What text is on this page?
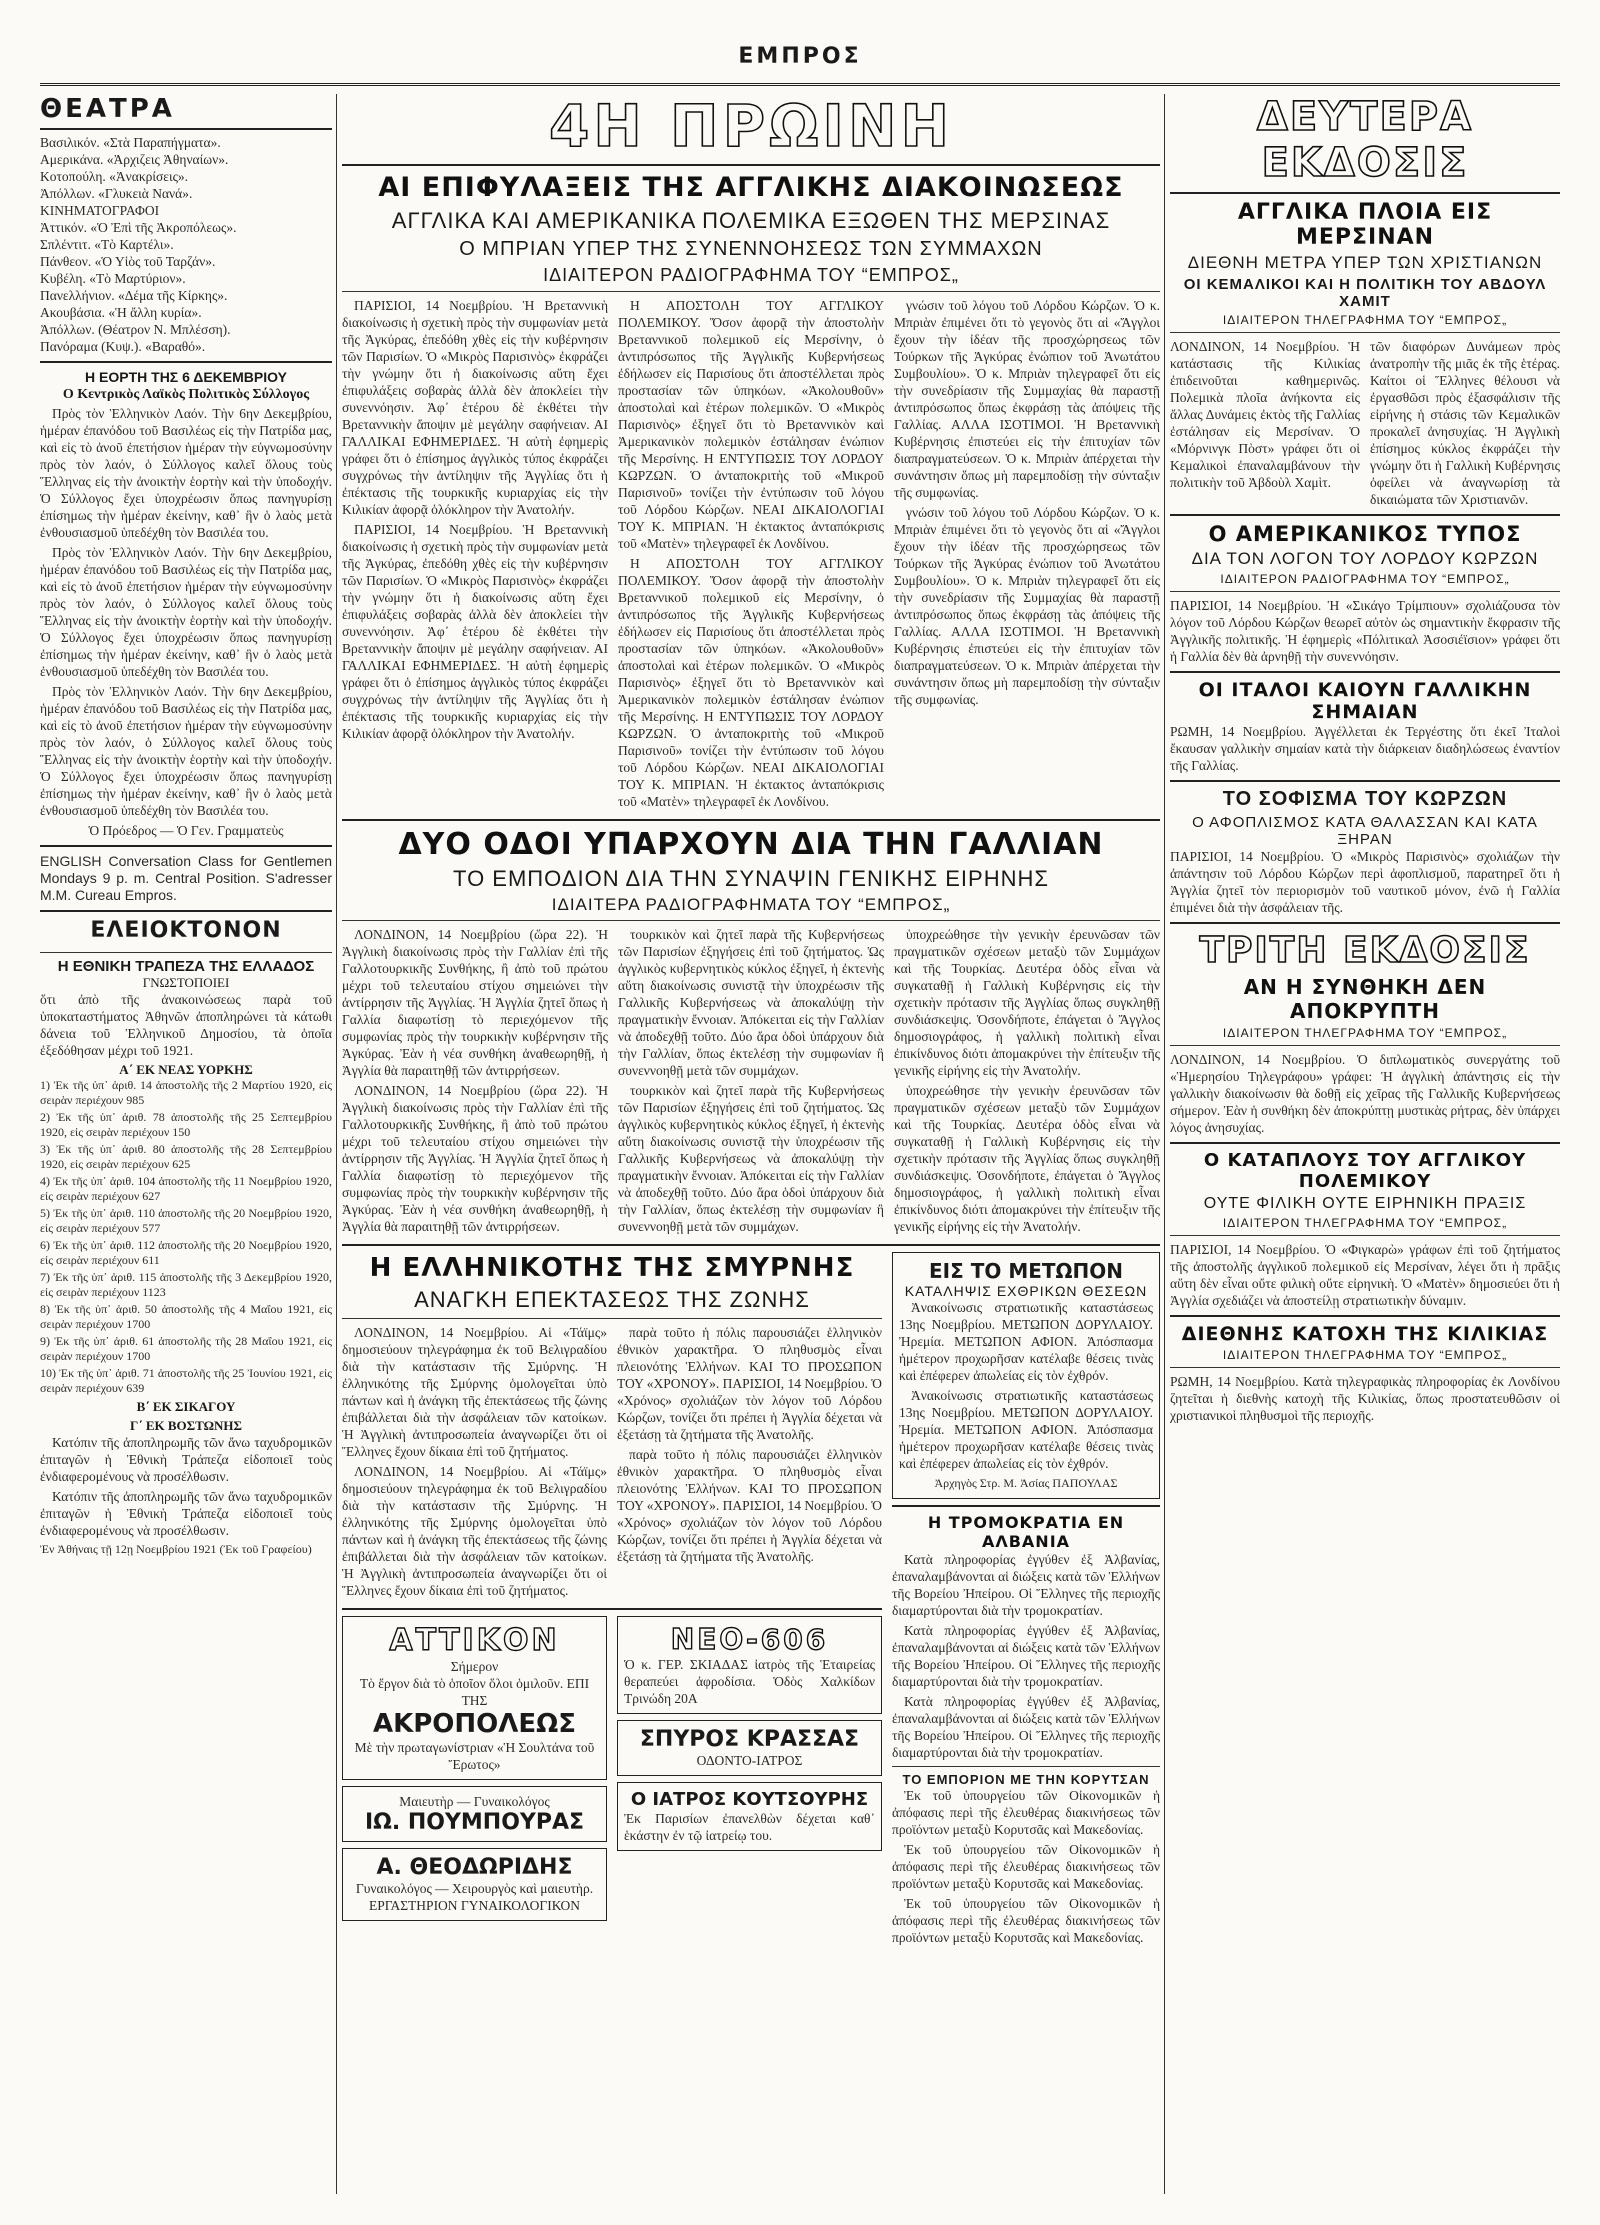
ΕΜΠΡΟΣ
ΘΕΑΤΡΑ
Βασιλικόν. «Στὰ Παραπήγματα».
Αμερικάνα. «Ἀρχιζεις Ἀθηναίων».
Κοτοπούλη. «Ἀνακρίσεις».
Ἀπόλλων. «Γλυκειὰ Νανά».
ΚΙΝΗΜΑΤΟΓΡΑΦΟΙ
Ἀττικόν. «Ὁ Ἐπὶ τῆς Ἀκροπόλεως».
Σπλέντιτ. «Τὸ Καρτέλι».
Πάνθεον. «Ὁ Υἱὸς τοῦ Ταρζάν».
Κυβέλη. «Τὸ Μαρτύριον».
Πανελλήνιον. «Δέμα τῆς Κίρκης».
Ακουβάσια. «Ἡ ἄλλη κυρία».
Ἀπόλλων. (Θέατρον Ν. Μπλέσση).
Πανόραμα (Κυψ.). «Βαραθό».
Η ΕΟΡΤΗ ΤΗΣ 6 ΔΕΚΕΜΒΡΙΟΥ
Ο Κεντρικὸς Λαϊκὸς Πολιτικὸς Σύλλογος

Πρὸς τὸν Ἑλληνικὸν Λαόν. Τὴν 6ην Δεκεμβρίου, ἡμέραν ἐπανόδου τοῦ Βασιλέως εἰς τὴν Πατρίδα μας, καὶ εἰς τὸ ἀνοῦ ἐπετήσιον ἡμέραν τὴν εὐγνωμοσύνην πρὸς τὸν λαόν, ὁ Σύλλογος καλεῖ ὅλους τοὺς Ἕλληνας εἰς τὴν ἀνοικτὴν ἑορτὴν καὶ τὴν ὑποδοχήν. Ὁ Σύλλογος ἔχει ὑποχρέωσιν ὅπως πανηγυρίσῃ ἐπίσημως τὴν ἡμέραν ἐκείνην, καθ᾽ ἣν ὁ λαὸς μετὰ ἐνθουσιασμοῦ ὑπεδέχθη τὸν Βασιλέα του.

Πρὸς τὸν Ἑλληνικὸν Λαόν. Τὴν 6ην Δεκεμβρίου, ἡμέραν ἐπανόδου τοῦ Βασιλέως εἰς τὴν Πατρίδα μας, καὶ εἰς τὸ ἀνοῦ ἐπετήσιον ἡμέραν τὴν εὐγνωμοσύνην πρὸς τὸν λαόν, ὁ Σύλλογος καλεῖ ὅλους τοὺς Ἕλληνας εἰς τὴν ἀνοικτὴν ἑορτὴν καὶ τὴν ὑποδοχήν. Ὁ Σύλλογος ἔχει ὑποχρέωσιν ὅπως πανηγυρίσῃ ἐπίσημως τὴν ἡμέραν ἐκείνην, καθ᾽ ἣν ὁ λαὸς μετὰ ἐνθουσιασμοῦ ὑπεδέχθη τὸν Βασιλέα του.

Πρὸς τὸν Ἑλληνικὸν Λαόν. Τὴν 6ην Δεκεμβρίου, ἡμέραν ἐπανόδου τοῦ Βασιλέως εἰς τὴν Πατρίδα μας, καὶ εἰς τὸ ἀνοῦ ἐπετήσιον ἡμέραν τὴν εὐγνωμοσύνην πρὸς τὸν λαόν, ὁ Σύλλογος καλεῖ ὅλους τοὺς Ἕλληνας εἰς τὴν ἀνοικτὴν ἑορτὴν καὶ τὴν ὑποδοχήν. Ὁ Σύλλογος ἔχει ὑποχρέωσιν ὅπως πανηγυρίσῃ ἐπίσημως τὴν ἡμέραν ἐκείνην, καθ᾽ ἣν ὁ λαὸς μετὰ ἐνθουσιασμοῦ ὑπεδέχθη τὸν Βασιλέα του.

Ὁ Πρόεδρος — Ὁ Γεν. Γραμματεὺς
ENGLISH Conversation Class for Gentlemen Mondays 9 p. m. Central Position. S'adresser M.M. Cureau Empros.
ΕΛΕΙΟΚΤΟΝΟΝ
Η ΕΘΝΙΚΗ ΤΡΑΠΕΖΑ ΤΗΣ ΕΛΛΑΔΟΣ
ΓΝΩΣΤΟΠΟΙΕΙ
ὅτι ἀπὸ τῆς ἀνακοινώσεως παρὰ τοῦ ὑποκαταστήματος Ἀθηνῶν ἀποπληρώνει τὰ κάτωθι δάνεια τοῦ Ἑλληνικοῦ Δημοσίου, τὰ ὁποῖα ἐξεδόθησαν μέχρι τοῦ 1921.
Α΄ ΕΚ ΝΕΑΣ ΥΟΡΚΗΣ
1) Ἐκ τῆς ὑπ᾽ ἀριθ. 14 ἀποστολῆς τῆς 2 Μαρτίου 1920, εἰς σειρὰν περιέχουν 985
2) Ἐκ τῆς ὑπ᾽ ἀριθ. 78 ἀποστολῆς τῆς 25 Σεπτεμβρίου 1920, εἰς σειρὰν περιέχουν 150
3) Ἐκ τῆς ὑπ᾽ ἀριθ. 80 ἀποστολῆς τῆς 28 Σεπτεμβρίου 1920, εἰς σειρὰν περιέχουν 625
4) Ἐκ τῆς ὑπ᾽ ἀριθ. 104 ἀποστολῆς τῆς 11 Νοεμβρίου 1920, εἰς σειρὰν περιέχουν 627
5) Ἐκ τῆς ὑπ᾽ ἀριθ. 110 ἀποστολῆς τῆς 20 Νοεμβρίου 1920, εἰς σειρὰν περιέχουν 577
6) Ἐκ τῆς ὑπ᾽ ἀριθ. 112 ἀποστολῆς τῆς 20 Νοεμβρίου 1920, εἰς σειρὰν περιέχουν 611
7) Ἐκ τῆς ὑπ᾽ ἀριθ. 115 ἀποστολῆς τῆς 3 Δεκεμβρίου 1920, εἰς σειρὰν περιέχουν 1123
8) Ἐκ τῆς ὑπ᾽ ἀριθ. 50 ἀποστολῆς τῆς 4 Μαΐου 1921, εἰς σειρὰν περιέχουν 1700
9) Ἐκ τῆς ὑπ᾽ ἀριθ. 61 ἀποστολῆς τῆς 28 Μαΐου 1921, εἰς σειρὰν περιέχουν 1700
10) Ἐκ τῆς ὑπ᾽ ἀριθ. 71 ἀποστολῆς τῆς 25 Ἰουνίου 1921, εἰς σειρὰν περιέχουν 639
Β΄ ΕΚ ΣΙΚΑΓΟΥ
Γ΄ ΕΚ ΒΟΣΤΩΝΗΣ

Κατόπιν τῆς ἀποπληρωμῆς τῶν ἄνω ταχυδρομικῶν ἐπιταγῶν ἡ Ἐθνικὴ Τράπεζα εἰδοποιεῖ τοὺς ἐνδιαφερομένους νὰ προσέλθωσιν.

Κατόπιν τῆς ἀποπληρωμῆς τῶν ἄνω ταχυδρομικῶν ἐπιταγῶν ἡ Ἐθνικὴ Τράπεζα εἰδοποιεῖ τοὺς ἐνδιαφερομένους νὰ προσέλθωσιν.

Ἐν Ἀθήναις τῇ 12ῃ Νοεμβρίου 1921 (Ἐκ τοῦ Γραφείου)
4Η ΠΡΩΙΝΗ
ΑΙ ΕΠΙΦΥΛΑΞΕΙΣ ΤΗΣ ΑΓΓΛΙΚΗΣ ΔΙΑΚΟΙΝΩΣΕΩΣ
ΑΓΓΛΙΚΑ ΚΑΙ ΑΜΕΡΙΚΑΝΙΚΑ ΠΟΛΕΜΙΚΑ ΕΞΩΘΕΝ ΤΗΣ ΜΕΡΣΙΝΑΣ
Ο ΜΠΡΙΑΝ ΥΠΕΡ ΤΗΣ ΣΥΝΕΝΝΟΗΣΕΩΣ ΤΩΝ ΣΥΜΜΑΧΩΝ
ΙΔΙΑΙΤΕΡΟΝ ΡΑΔΙΟΓΡΑΦΗΜΑ ΤΟΥ “ΕΜΠΡΟΣ„

ΠΑΡΙΣΙΟΙ, 14 Νοεμβρίου. Ἡ Βρεταννικὴ διακοίνωσις ἡ σχετικὴ πρὸς τὴν συμφωνίαν μετὰ τῆς Ἀγκύρας, ἐπεδόθη χθὲς εἰς τὴν κυβέρνησιν τῶν Παρισίων. Ὁ «Μικρὸς Παρισινὸς» ἐκφράζει τὴν γνώμην ὅτι ἡ διακοίνωσις αὕτη ἔχει ἐπιφυλάξεις σοβαρὰς ἀλλὰ δὲν ἀποκλείει τὴν συνεννόησιν. Ἀφ᾽ ἑτέρου δὲ ἐκθέτει τὴν Βρεταννικὴν ἄποψιν μὲ μεγάλην σαφήνειαν. ΑΙ ΓΑΛΛΙΚΑΙ ΕΦΗΜΕΡΙΔΕΣ. Ἡ αὐτὴ ἐφημερὶς γράφει ὅτι ὁ ἐπίσημος ἀγγλικὸς τύπος ἐκφράζει συγχρόνως τὴν ἀντίληψιν τῆς Ἀγγλίας ὅτι ἡ ἐπέκτασις τῆς τουρκικῆς κυριαρχίας εἰς τὴν Κιλικίαν ἀφορᾷ ὁλόκληρον τὴν Ἀνατολήν.

ΠΑΡΙΣΙΟΙ, 14 Νοεμβρίου. Ἡ Βρεταννικὴ διακοίνωσις ἡ σχετικὴ πρὸς τὴν συμφωνίαν μετὰ τῆς Ἀγκύρας, ἐπεδόθη χθὲς εἰς τὴν κυβέρνησιν τῶν Παρισίων. Ὁ «Μικρὸς Παρισινὸς» ἐκφράζει τὴν γνώμην ὅτι ἡ διακοίνωσις αὕτη ἔχει ἐπιφυλάξεις σοβαρὰς ἀλλὰ δὲν ἀποκλείει τὴν συνεννόησιν. Ἀφ᾽ ἑτέρου δὲ ἐκθέτει τὴν Βρεταννικὴν ἄποψιν μὲ μεγάλην σαφήνειαν. ΑΙ ΓΑΛΛΙΚΑΙ ΕΦΗΜΕΡΙΔΕΣ. Ἡ αὐτὴ ἐφημερὶς γράφει ὅτι ὁ ἐπίσημος ἀγγλικὸς τύπος ἐκφράζει συγχρόνως τὴν ἀντίληψιν τῆς Ἀγγλίας ὅτι ἡ ἐπέκτασις τῆς τουρκικῆς κυριαρχίας εἰς τὴν Κιλικίαν ἀφορᾷ ὁλόκληρον τὴν Ἀνατολήν.

Η ΑΠΟΣΤΟΛΗ ΤΟΥ ΑΓΓΛΙΚΟΥ ΠΟΛΕΜΙΚΟΥ. Ὅσον ἀφορᾷ τὴν ἀποστολὴν Βρεταννικοῦ πολεμικοῦ εἰς Μερσίνην, ὁ ἀντιπρόσωπος τῆς Ἀγγλικῆς Κυβερνήσεως ἐδήλωσεν εἰς Παρισίους ὅτι ἀποστέλλεται πρὸς προστασίαν τῶν ὑπηκόων. «Ἀκολουθοῦν» ἀποστολαὶ καὶ ἑτέρων πολεμικῶν. Ὁ «Μικρὸς Παρισινὸς» ἐξηγεῖ ὅτι τὸ Βρεταννικὸν καὶ Ἀμερικανικὸν πολεμικὸν ἐστάλησαν ἐνώπιον τῆς Μερσίνης. Η ΕΝΤΥΠΩΣΙΣ ΤΟΥ ΛΟΡΔΟΥ ΚΩΡΖΩΝ. Ὁ ἀνταποκριτὴς τοῦ «Μικροῦ Παρισινοῦ» τονίζει τὴν ἐντύπωσιν τοῦ λόγου τοῦ Λόρδου Κώρζων. ΝΕΑΙ ΔΙΚΑΙΟΛΟΓΙΑΙ ΤΟΥ Κ. ΜΠΡΙΑΝ. Ἡ ἐκτακτος ἀνταπόκρισις τοῦ «Ματὲν» τηλεγραφεῖ ἐκ Λονδίνου.

Η ΑΠΟΣΤΟΛΗ ΤΟΥ ΑΓΓΛΙΚΟΥ ΠΟΛΕΜΙΚΟΥ. Ὅσον ἀφορᾷ τὴν ἀποστολὴν Βρεταννικοῦ πολεμικοῦ εἰς Μερσίνην, ὁ ἀντιπρόσωπος τῆς Ἀγγλικῆς Κυβερνήσεως ἐδήλωσεν εἰς Παρισίους ὅτι ἀποστέλλεται πρὸς προστασίαν τῶν ὑπηκόων. «Ἀκολουθοῦν» ἀποστολαὶ καὶ ἑτέρων πολεμικῶν. Ὁ «Μικρὸς Παρισινὸς» ἐξηγεῖ ὅτι τὸ Βρεταννικὸν καὶ Ἀμερικανικὸν πολεμικὸν ἐστάλησαν ἐνώπιον τῆς Μερσίνης. Η ΕΝΤΥΠΩΣΙΣ ΤΟΥ ΛΟΡΔΟΥ ΚΩΡΖΩΝ. Ὁ ἀνταποκριτὴς τοῦ «Μικροῦ Παρισινοῦ» τονίζει τὴν ἐντύπωσιν τοῦ λόγου τοῦ Λόρδου Κώρζων. ΝΕΑΙ ΔΙΚΑΙΟΛΟΓΙΑΙ ΤΟΥ Κ. ΜΠΡΙΑΝ. Ἡ ἐκτακτος ἀνταπόκρισις τοῦ «Ματὲν» τηλεγραφεῖ ἐκ Λονδίνου.

γνώσιν τοῦ λόγου τοῦ Λόρδου Κώρζων. Ὁ κ. Μπριὰν ἐπιμένει ὅτι τὸ γεγονὸς ὅτι αἱ «Ἄγγλοι ἔχουν τὴν ἰδέαν τῆς προσχώρησεως τῶν Τούρκων τῆς Ἀγκύρας ἐνώπιον τοῦ Ἀνωτάτου Συμβουλίου». Ὁ κ. Μπριὰν τηλεγραφεῖ ὅτι εἰς τὴν συνεδρίασιν τῆς Συμμαχίας θὰ παραστῇ ἀντιπρόσωπος ὅπως ἐκφράσῃ τὰς ἀπόψεις τῆς Γαλλίας. ΑΛΛΑ ΙΣΟΤΙΜΟΙ. Ἡ Βρεταννικὴ Κυβέρνησις ἐπιστεύει εἰς τὴν ἐπιτυχίαν τῶν διαπραγματεύσεων. Ὁ κ. Μπριὰν ἀπέρχεται τὴν συνάντησιν ὅπως μὴ παρεμποδίσῃ τὴν σύνταξιν τῆς συμφωνίας.

γνώσιν τοῦ λόγου τοῦ Λόρδου Κώρζων. Ὁ κ. Μπριὰν ἐπιμένει ὅτι τὸ γεγονὸς ὅτι αἱ «Ἄγγλοι ἔχουν τὴν ἰδέαν τῆς προσχώρησεως τῶν Τούρκων τῆς Ἀγκύρας ἐνώπιον τοῦ Ἀνωτάτου Συμβουλίου». Ὁ κ. Μπριὰν τηλεγραφεῖ ὅτι εἰς τὴν συνεδρίασιν τῆς Συμμαχίας θὰ παραστῇ ἀντιπρόσωπος ὅπως ἐκφράσῃ τὰς ἀπόψεις τῆς Γαλλίας. ΑΛΛΑ ΙΣΟΤΙΜΟΙ. Ἡ Βρεταννικὴ Κυβέρνησις ἐπιστεύει εἰς τὴν ἐπιτυχίαν τῶν διαπραγματεύσεων. Ὁ κ. Μπριὰν ἀπέρχεται τὴν συνάντησιν ὅπως μὴ παρεμποδίσῃ τὴν σύνταξιν τῆς συμφωνίας.

ΔΥΟ ΟΔΟΙ ΥΠΑΡΧΟΥΝ ΔΙΑ ΤΗΝ ΓΑΛΛΙΑΝ
ΤΟ ΕΜΠΟΔΙΟΝ ΔΙΑ ΤΗΝ ΣΥΝΑΨΙΝ ΓΕΝΙΚΗΣ ΕΙΡΗΝΗΣ
ΙΔΙΑΙΤΕΡΑ ΡΑΔΙΟΓΡΑΦΗΜΑΤΑ ΤΟΥ “ΕΜΠΡΟΣ„

ΛΟΝΔΙΝΟΝ, 14 Νοεμβρίου (ὥρα 22). Ἡ Ἀγγλικὴ διακοίνωσις πρὸς τὴν Γαλλίαν ἐπὶ τῆς Γαλλοτουρκικῆς Συνθήκης, ἢ ἀπὸ τοῦ πρώτου μέχρι τοῦ τελευταίου στίχου σημειώνει τὴν ἀντίρρησιν τῆς Ἀγγλίας. Ἡ Ἀγγλία ζητεῖ ὅπως ἡ Γαλλία διαφωτίσῃ τὸ περιεχόμενον τῆς συμφωνίας πρὸς τὴν τουρκικὴν κυβέρνησιν τῆς Ἀγκύρας. Ἐὰν ἡ νέα συνθήκη ἀναθεωρηθῇ, ἡ Ἀγγλία θὰ παραιτηθῇ τῶν ἀντιρρήσεων.

ΛΟΝΔΙΝΟΝ, 14 Νοεμβρίου (ὥρα 22). Ἡ Ἀγγλικὴ διακοίνωσις πρὸς τὴν Γαλλίαν ἐπὶ τῆς Γαλλοτουρκικῆς Συνθήκης, ἢ ἀπὸ τοῦ πρώτου μέχρι τοῦ τελευταίου στίχου σημειώνει τὴν ἀντίρρησιν τῆς Ἀγγλίας. Ἡ Ἀγγλία ζητεῖ ὅπως ἡ Γαλλία διαφωτίσῃ τὸ περιεχόμενον τῆς συμφωνίας πρὸς τὴν τουρκικὴν κυβέρνησιν τῆς Ἀγκύρας. Ἐὰν ἡ νέα συνθήκη ἀναθεωρηθῇ, ἡ Ἀγγλία θὰ παραιτηθῇ τῶν ἀντιρρήσεων.

τουρκικὸν καὶ ζητεῖ παρὰ τῆς Κυβερνήσεως τῶν Παρισίων ἐξηγήσεις ἐπὶ τοῦ ζητήματος. Ὡς ἀγγλικὸς κυβερνητικὸς κύκλος ἐξηγεῖ, ἡ ἐκτενὴς αὕτη διακοίνωσις συνιστᾷ τὴν ὑποχρέωσιν τῆς Γαλλικῆς Κυβερνήσεως νὰ ἀποκαλύψῃ τὴν πραγματικὴν ἔννοιαν. Ἀπόκειται εἰς τὴν Γαλλίαν νὰ ἀποδεχθῇ τοῦτο. Δύο ἄρα ὁδοὶ ὑπάρχουν διὰ τὴν Γαλλίαν, ὅπως ἐκτελέσῃ τὴν συμφωνίαν ἢ συνεννοηθῇ μετὰ τῶν συμμάχων.

τουρκικὸν καὶ ζητεῖ παρὰ τῆς Κυβερνήσεως τῶν Παρισίων ἐξηγήσεις ἐπὶ τοῦ ζητήματος. Ὡς ἀγγλικὸς κυβερνητικὸς κύκλος ἐξηγεῖ, ἡ ἐκτενὴς αὕτη διακοίνωσις συνιστᾷ τὴν ὑποχρέωσιν τῆς Γαλλικῆς Κυβερνήσεως νὰ ἀποκαλύψῃ τὴν πραγματικὴν ἔννοιαν. Ἀπόκειται εἰς τὴν Γαλλίαν νὰ ἀποδεχθῇ τοῦτο. Δύο ἄρα ὁδοὶ ὑπάρχουν διὰ τὴν Γαλλίαν, ὅπως ἐκτελέσῃ τὴν συμφωνίαν ἢ συνεννοηθῇ μετὰ τῶν συμμάχων.

ὑποχρεώθησε τὴν γενικὴν ἐρευνῶσαν τῶν πραγματικῶν σχέσεων μεταξὺ τῶν Συμμάχων καὶ τῆς Τουρκίας. Δευτέρα ὁδὸς εἶναι νὰ συγκαταθῇ ἡ Γαλλικὴ Κυβέρνησις εἰς τὴν σχετικὴν πρότασιν τῆς Ἀγγλίας ὅπως συγκληθῇ συνδιάσκεψις. Ὁσονδήποτε, ἐπάγεται ὁ Ἄγγλος δημοσιογράφος, ἡ γαλλικὴ πολιτικὴ εἶναι ἐπικίνδυνος διότι ἀπομακρύνει τὴν ἐπίτευξιν τῆς γενικῆς εἰρήνης εἰς τὴν Ἀνατολήν.

ὑποχρεώθησε τὴν γενικὴν ἐρευνῶσαν τῶν πραγματικῶν σχέσεων μεταξὺ τῶν Συμμάχων καὶ τῆς Τουρκίας. Δευτέρα ὁδὸς εἶναι νὰ συγκαταθῇ ἡ Γαλλικὴ Κυβέρνησις εἰς τὴν σχετικὴν πρότασιν τῆς Ἀγγλίας ὅπως συγκληθῇ συνδιάσκεψις. Ὁσονδήποτε, ἐπάγεται ὁ Ἄγγλος δημοσιογράφος, ἡ γαλλικὴ πολιτικὴ εἶναι ἐπικίνδυνος διότι ἀπομακρύνει τὴν ἐπίτευξιν τῆς γενικῆς εἰρήνης εἰς τὴν Ἀνατολήν.

Η ΕΛΛΗΝΙΚΟΤΗΣ ΤΗΣ ΣΜΥΡΝΗΣ
ΑΝΑΓΚΗ ΕΠΕΚΤΑΣΕΩΣ ΤΗΣ ΖΩΝΗΣ

ΛΟΝΔΙΝΟΝ, 14 Νοεμβρίου. Αἱ «Τάϊμς» δημοσιεύουν τηλεγράφημα ἐκ τοῦ Βελιγραδίου διὰ τὴν κατάστασιν τῆς Σμύρνης. Ἡ ἐλληνικότης τῆς Σμύρνης ὁμολογεῖται ὑπὸ πάντων καὶ ἡ ἀνάγκη τῆς ἐπεκτάσεως τῆς ζώνης ἐπιβάλλεται διὰ τὴν ἀσφάλειαν τῶν κατοίκων. Ἡ Ἀγγλικὴ ἀντιπροσωπεία ἀναγνωρίζει ὅτι οἱ Ἕλληνες ἔχουν δίκαια ἐπὶ τοῦ ζητήματος.

ΛΟΝΔΙΝΟΝ, 14 Νοεμβρίου. Αἱ «Τάϊμς» δημοσιεύουν τηλεγράφημα ἐκ τοῦ Βελιγραδίου διὰ τὴν κατάστασιν τῆς Σμύρνης. Ἡ ἐλληνικότης τῆς Σμύρνης ὁμολογεῖται ὑπὸ πάντων καὶ ἡ ἀνάγκη τῆς ἐπεκτάσεως τῆς ζώνης ἐπιβάλλεται διὰ τὴν ἀσφάλειαν τῶν κατοίκων. Ἡ Ἀγγλικὴ ἀντιπροσωπεία ἀναγνωρίζει ὅτι οἱ Ἕλληνες ἔχουν δίκαια ἐπὶ τοῦ ζητήματος.

παρὰ τοῦτο ἡ πόλις παρουσιάζει ἑλληνικὸν ἐθνικὸν χαρακτῆρα. Ὁ πληθυσμὸς εἶναι πλειονότης Ἑλλήνων. ΚΑΙ ΤΟ ΠΡΟΣΩΠΟΝ ΤΟΥ «ΧΡΟΝΟΥ». ΠΑΡΙΣΙΟΙ, 14 Νοεμβρίου. Ὁ «Χρόνος» σχολιάζων τὸν λόγον τοῦ Λόρδου Κώρζων, τονίζει ὅτι πρέπει ἡ Ἀγγλία δέχεται νὰ ἐξετάσῃ τὰ ζητήματα τῆς Ἀνατολῆς.

παρὰ τοῦτο ἡ πόλις παρουσιάζει ἑλληνικὸν ἐθνικὸν χαρακτῆρα. Ὁ πληθυσμὸς εἶναι πλειονότης Ἑλλήνων. ΚΑΙ ΤΟ ΠΡΟΣΩΠΟΝ ΤΟΥ «ΧΡΟΝΟΥ». ΠΑΡΙΣΙΟΙ, 14 Νοεμβρίου. Ὁ «Χρόνος» σχολιάζων τὸν λόγον τοῦ Λόρδου Κώρζων, τονίζει ὅτι πρέπει ἡ Ἀγγλία δέχεται νὰ ἐξετάσῃ τὰ ζητήματα τῆς Ἀνατολῆς.

ΑΤΤΙΚΟΝ
Σήμερον
Τὸ ἔργον διὰ τὸ ὁποῖον ὅλοι ὁμιλοῦν. ΕΠΙ ΤΗΣ
ΑΚΡΟΠΟΛΕΩΣ
Μὲ τὴν πρωταγωνίστριαν «Ἡ Σουλτάνα τοῦ Ἔρωτος»
Μαιευτὴρ — Γυναικολόγος
ΙΩ. ΠΟΥΜΠΟΥΡΑΣ
Α. ΘΕΟΔΩΡΙΔΗΣ
Γυναικολόγος — Χειρουργὸς καὶ μαιευτὴρ. ΕΡΓΑΣΤΗΡΙΟΝ ΓΥΝΑΙΚΟΛΟΓΙΚΟΝ
ΝΕΟ-606
Ὁ κ. ΓΕΡ. ΣΚΙΑΔΑΣ ἰατρὸς τῆς Ἑταιρείας θεραπεύει ἀφροδίσια. Ὁδὸς Χαλκίδων Τρινώδη 20Α
ΣΠΥΡΟΣ ΚΡΑΣΣΑΣ
ΟΔΟΝΤΟ-ΙΑΤΡΟΣ
Ο ΙΑΤΡΟΣ ΚΟΥΤΣΟΥΡΗΣ
Ἐκ Παρισίων ἐπανελθὼν δέχεται καθ᾽ ἑκάστην ἐν τῷ ἰατρείῳ του.
ΕΙΣ ΤΟ ΜΕΤΩΠΟΝ
ΚΑΤΑΛΗΨΙΣ ΕΧΘΡΙΚΩΝ ΘΕΣΕΩΝ

Ἀνακοίνωσις στρατιωτικῆς καταστάσεως 13ης Νοεμβρίου. ΜΕΤΩΠΟΝ ΔΟΡΥΛΑΙΟΥ. Ἠρεμία. ΜΕΤΩΠΟΝ ΑΦΙΟΝ. Ἀπόσπασμα ἡμέτερον προχωρῆσαν κατέλαβε θέσεις τινὰς καὶ ἐπέφερεν ἀπωλείας εἰς τὸν ἐχθρόν.

Ἀνακοίνωσις στρατιωτικῆς καταστάσεως 13ης Νοεμβρίου. ΜΕΤΩΠΟΝ ΔΟΡΥΛΑΙΟΥ. Ἠρεμία. ΜΕΤΩΠΟΝ ΑΦΙΟΝ. Ἀπόσπασμα ἡμέτερον προχωρῆσαν κατέλαβε θέσεις τινὰς καὶ ἐπέφερεν ἀπωλείας εἰς τὸν ἐχθρόν.

Ἀρχηγὸς Στρ. Μ. Ἀσίας ΠΑΠΟΥΛΑΣ
Η ΤΡΟΜΟΚΡΑΤΙΑ ΕΝ ΑΛΒΑΝΙΑ

Κατὰ πληροφορίας ἐγγύθεν ἐξ Ἀλβανίας, ἐπαναλαμβάνονται αἱ διώξεις κατὰ τῶν Ἑλλήνων τῆς Βορείου Ἠπείρου. Οἱ Ἕλληνες τῆς περιοχῆς διαμαρτύρονται διὰ τὴν τρομοκρατίαν.

Κατὰ πληροφορίας ἐγγύθεν ἐξ Ἀλβανίας, ἐπαναλαμβάνονται αἱ διώξεις κατὰ τῶν Ἑλλήνων τῆς Βορείου Ἠπείρου. Οἱ Ἕλληνες τῆς περιοχῆς διαμαρτύρονται διὰ τὴν τρομοκρατίαν.

Κατὰ πληροφορίας ἐγγύθεν ἐξ Ἀλβανίας, ἐπαναλαμβάνονται αἱ διώξεις κατὰ τῶν Ἑλλήνων τῆς Βορείου Ἠπείρου. Οἱ Ἕλληνες τῆς περιοχῆς διαμαρτύρονται διὰ τὴν τρομοκρατίαν.

ΤΟ ΕΜΠΟΡΙΟΝ ΜΕ ΤΗΝ ΚΟΡΥΤΣΑΝ

Ἐκ τοῦ ὑπουργείου τῶν Οἰκονομικῶν ἡ ἀπόφασις περὶ τῆς ἐλευθέρας διακινήσεως τῶν προϊόντων μεταξὺ Κορυτσᾶς καὶ Μακεδονίας.

Ἐκ τοῦ ὑπουργείου τῶν Οἰκονομικῶν ἡ ἀπόφασις περὶ τῆς ἐλευθέρας διακινήσεως τῶν προϊόντων μεταξὺ Κορυτσᾶς καὶ Μακεδονίας.

Ἐκ τοῦ ὑπουργείου τῶν Οἰκονομικῶν ἡ ἀπόφασις περὶ τῆς ἐλευθέρας διακινήσεως τῶν προϊόντων μεταξὺ Κορυτσᾶς καὶ Μακεδονίας.

ΔΕΥΤΕΡΑ ΕΚΔΟΣΙΣ
ΑΓΓΛΙΚΑ ΠΛΟΙΑ ΕΙΣ ΜΕΡΣΙΝΑΝ
ΔΙΕΘΝΗ ΜΕΤΡΑ ΥΠΕΡ ΤΩΝ ΧΡΙΣΤΙΑΝΩΝ
ΟΙ ΚΕΜΑΛΙΚΟΙ ΚΑΙ Η ΠΟΛΙΤΙΚΗ ΤΟΥ ΑΒΔΟΥΛ ΧΑΜΙΤ
ΙΔΙΑΙΤΕΡΟΝ ΤΗΛΕΓΡΑΦΗΜΑ ΤΟΥ “ΕΜΠΡΟΣ„
ΛΟΝΔΙΝΟΝ, 14 Νοεμβρίου. Ἡ κατάστασις τῆς Κιλικίας ἐπιδεινοῦται καθημερινῶς. Πολεμικὰ πλοῖα ἀνήκοντα εἰς ἄλλας Δυνάμεις ἐκτὸς τῆς Γαλλίας ἐστάλησαν εἰς Μερσίναν. Ὁ «Μόρνινγκ Πὸστ» γράφει ὅτι οἱ Κεμαλικοὶ ἐπαναλαμβάνουν τὴν πολιτικὴν τοῦ Ἀβδοὺλ Χαμὶτ.
τῶν διαφόρων Δυνάμεων πρὸς ἀνατροπὴν τῆς μιᾶς ἐκ τῆς ἑτέρας. Καίτοι οἱ Ἕλληνες θέλουσι νὰ ἐργασθῶσι πρὸς ἐξασφάλισιν τῆς εἰρήνης ἡ στάσις τῶν Κεμαλικῶν προκαλεῖ ἀνησυχίας. Ἡ Ἀγγλικὴ ἐπίσημος κύκλος ἐκφράζει τὴν γνώμην ὅτι ἡ Γαλλικὴ Κυβέρνησις ὀφείλει νὰ ἀναγνωρίσῃ τὰ δικαιώματα τῶν Χριστιανῶν.
Ο ΑΜΕΡΙΚΑΝΙΚΟΣ ΤΥΠΟΣ
ΔΙΑ ΤΟΝ ΛΟΓΟΝ ΤΟΥ ΛΟΡΔΟΥ ΚΩΡΖΩΝ
ΙΔΙΑΙΤΕΡΟΝ ΡΑΔΙΟΓΡΑΦΗΜΑ ΤΟΥ “ΕΜΠΡΟΣ„
ΠΑΡΙΣΙΟΙ, 14 Νοεμβρίου. Ἡ «Σικάγο Τρίμπιουν» σχολιάζουσα τὸν λόγον τοῦ Λόρδου Κώρζων θεωρεῖ αὐτὸν ὡς σημαντικὴν ἔκφρασιν τῆς Ἀγγλικῆς πολιτικῆς. Ἡ ἐφημερὶς «Πόλιτικαλ Ἀσοσιέϊσιον» γράφει ὅτι ἡ Γαλλία δὲν θὰ ἀρνηθῇ τὴν συνεννόησιν.
ΟΙ ΙΤΑΛΟΙ ΚΑΙΟΥΝ ΓΑΛΛΙΚΗΝ ΣΗΜΑΙΑΝ
ΡΩΜΗ, 14 Νοεμβρίου. Ἀγγέλλεται ἐκ Τεργέστης ὅτι ἐκεῖ Ἰταλοὶ ἔκαυσαν γαλλικὴν σημαίαν κατὰ τὴν διάρκειαν διαδηλώσεως ἐναντίον τῆς Γαλλίας.
ΤΟ ΣΟΦΙΣΜΑ ΤΟΥ ΚΩΡΖΩΝ
Ο ΑΦΟΠΛΙΣΜΟΣ ΚΑΤΑ ΘΑΛΑΣΣΑΝ ΚΑΙ ΚΑΤΑ ΞΗΡΑΝ
ΠΑΡΙΣΙΟΙ, 14 Νοεμβρίου. Ὁ «Μικρὸς Παρισινὸς» σχολιάζων τὴν ἀπάντησιν τοῦ Λόρδου Κώρζων περὶ ἀφοπλισμοῦ, παρατηρεῖ ὅτι ἡ Ἀγγλία ζητεῖ τὸν περιορισμὸν τοῦ ναυτικοῦ μόνον, ἐνῶ ἡ Γαλλία ἐπιμένει διὰ τὴν ἀσφάλειαν τῆς.
ΤΡΙΤΗ ΕΚΔΟΣΙΣ
ΑΝ Η ΣΥΝΘΗΚΗ ΔΕΝ ΑΠΟΚΡΥΠΤΗ
ΙΔΙΑΙΤΕΡΟΝ ΤΗΛΕΓΡΑΦΗΜΑ ΤΟΥ “ΕΜΠΡΟΣ„
ΛΟΝΔΙΝΟΝ, 14 Νοεμβρίου. Ὁ διπλωματικὸς συνεργάτης τοῦ «Ἡμερησίου Τηλεγράφου» γράφει: Ἡ ἀγγλικὴ ἀπάντησις εἰς τὴν γαλλικὴν διακοίνωσιν θὰ δοθῇ εἰς χεῖρας τῆς Γαλλικῆς Κυβερνήσεως σήμερον. Ἐὰν ἡ συνθήκη δὲν ἀποκρύπτῃ μυστικὰς ρήτρας, δὲν ὑπάρχει λόγος ἀνησυχίας.
Ο ΚΑΤΑΠΛΟΥΣ ΤΟΥ ΑΓΓΛΙΚΟΥ ΠΟΛΕΜΙΚΟΥ
ΟΥΤΕ ΦΙΛΙΚΗ ΟΥΤΕ ΕΙΡΗΝΙΚΗ ΠΡΑΞΙΣ
ΙΔΙΑΙΤΕΡΟΝ ΤΗΛΕΓΡΑΦΗΜΑ ΤΟΥ “ΕΜΠΡΟΣ„
ΠΑΡΙΣΙΟΙ, 14 Νοεμβρίου. Ὁ «Φιγκαρὼ» γράφων ἐπὶ τοῦ ζητήματος τῆς ἀποστολῆς ἀγγλικοῦ πολεμικοῦ εἰς Μερσίναν, λέγει ὅτι ἡ πρᾶξις αὕτη δὲν εἶναι οὔτε φιλικὴ οὔτε εἰρηνικὴ. Ὁ «Ματὲν» δημοσιεύει ὅτι ἡ Ἀγγλία σχεδιάζει νὰ ἀποστείλῃ στρατιωτικὴν δύναμιν.
ΔΙΕΘΝΗΣ ΚΑΤΟΧΗ ΤΗΣ ΚΙΛΙΚΙΑΣ
ΙΔΙΑΙΤΕΡΟΝ ΤΗΛΕΓΡΑΦΗΜΑ ΤΟΥ “ΕΜΠΡΟΣ„
ΡΩΜΗ, 14 Νοεμβρίου. Κατὰ τηλεγραφικὰς πληροφορίας ἐκ Λονδίνου ζητεῖται ἡ διεθνὴς κατοχὴ τῆς Κιλικίας, ὅπως προστατευθῶσιν οἱ χριστιανικοὶ πληθυσμοὶ τῆς περιοχῆς.
